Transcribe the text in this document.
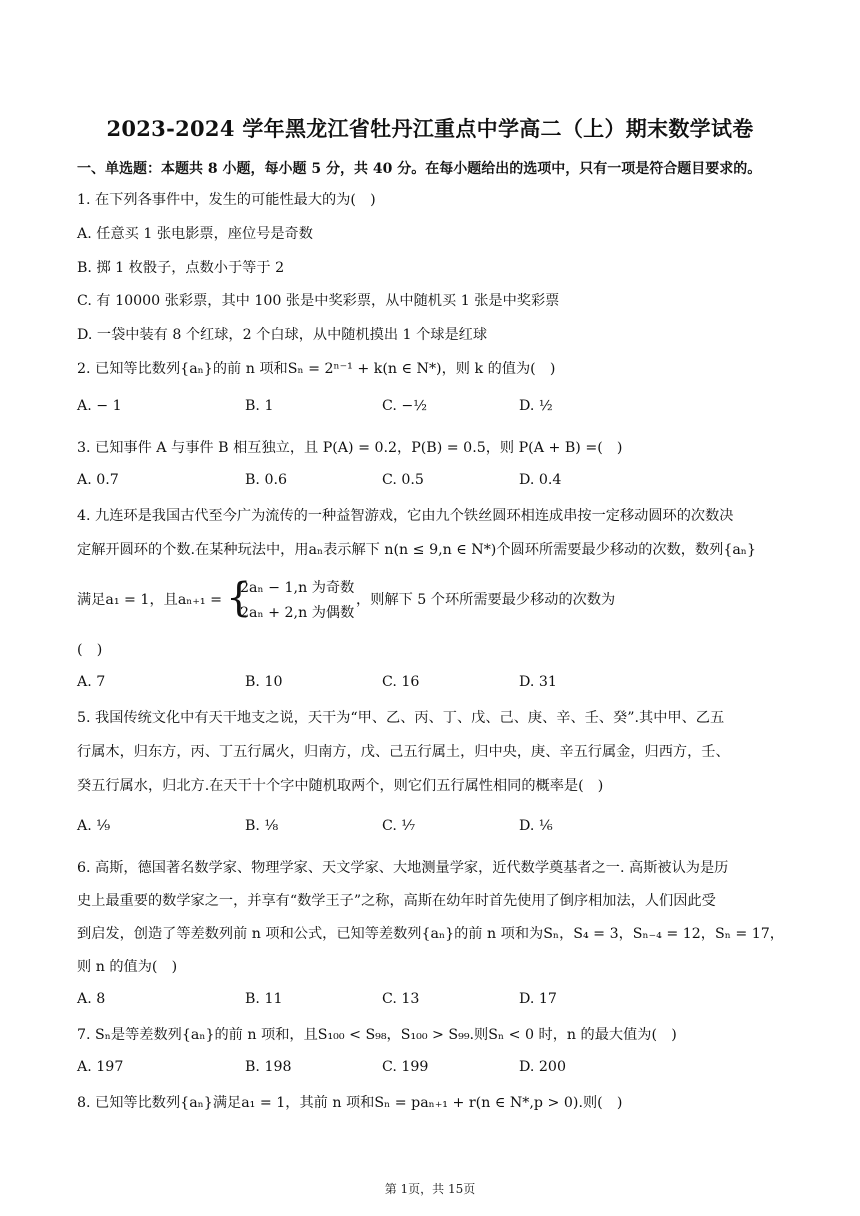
2023-2024 学年黑龙江省牡丹江重点中学高二（上）期末数学试卷
一、单选题：本题共 8 小题，每小题 5 分，共 40 分。在每小题给出的选项中，只有一项是符合题目要求的。
1. 在下列各事件中，发生的可能性最大的为(　)
A. 任意买 1 张电影票，座位号是奇数
B. 掷 1 枚骰子，点数小于等于 2
C. 有 10000 张彩票，其中 100 张是中奖彩票，从中随机买 1 张是中奖彩票
D. 一袋中装有 8 个红球，2 个白球，从中随机摸出 1 个球是红球
2. 已知等比数列{aₙ}的前 n 项和Sₙ = 2ⁿ⁻¹ + k(n ∈ N*)，则 k 的值为(　)
A. − 1	B. 1	C. −½	D. ½
3. 已知事件 A 与事件 B 相互独立，且 P(A) = 0.2，P(B) = 0.5，则 P(A + B) =(　)
A. 0.7	B. 0.6	C. 0.5	D. 0.4
4. 九连环是我国古代至今广为流传的一种益智游戏，它由九个铁丝圆环相连成串按一定移动圆环的次数决
定解开圆环的个数.在某种玩法中，用aₙ表示解下 n(n ≤ 9,n ∈ N*)个圆环所需要最少移动的次数，数列{aₙ}
满足a₁ = 1，且aₙ₊₁ = {
2aₙ − 1,n 为奇数
2aₙ + 2,n 为偶数
，则解下 5 个环所需要最少移动的次数为
(　)
A. 7	B. 10	C. 16	D. 31
5. 我国传统文化中有天干地支之说，天干为“甲、乙、丙、丁、戊、己、庚、辛、壬、癸”.其中甲、乙五
行属木，归东方，丙、丁五行属火，归南方，戊、己五行属土，归中央，庚、辛五行属金，归西方，壬、
癸五行属水，归北方.在天干十个字中随机取两个，则它们五行属性相同的概率是(　)
A. ¹⁄₉	B. ¹⁄₈	C. ¹⁄₇	D. ¹⁄₆
6. 高斯，德国著名数学家、物理学家、天文学家、大地测量学家，近代数学奠基者之一. 高斯被认为是历
史上最重要的数学家之一，并享有“数学王子”之称，高斯在幼年时首先使用了倒序相加法，人们因此受
到启发，创造了等差数列前 n 项和公式，已知等差数列{aₙ}的前 n 项和为Sₙ，S₄ = 3，Sₙ₋₄ = 12，Sₙ = 17，
则 n 的值为(　)
A. 8	B. 11	C. 13	D. 17
7. Sₙ是等差数列{aₙ}的前 n 项和，且S₁₀₀ < S₉₈，S₁₀₀ > S₉₉.则Sₙ < 0 时，n 的最大值为(　)
A. 197	B. 198	C. 199	D. 200
8. 已知等比数列{aₙ}满足a₁ = 1，其前 n 项和Sₙ = paₙ₊₁ + r(n ∈ N*,p > 0).则(　)
第 1页，共 15页
